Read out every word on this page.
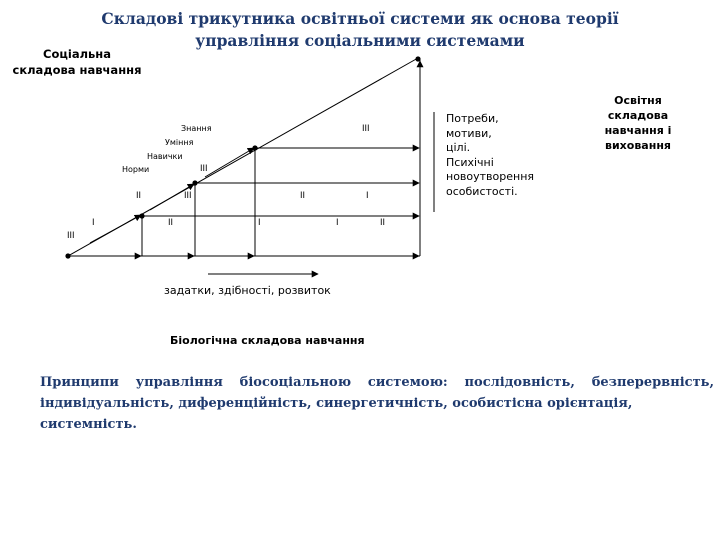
Складові трикутника освітньої системи як основа теорії
управління соціальними системами
Соціальна складова навчання
Освітня складова навчання і виховання
Знання
Уміння
Навички
Норми
III
III
II	III	II	I
I
III
II	I	I	II
Потреби,
мотиви,
цілі.
Психічні
новоутворення
особистості.
задатки, здібності, розвиток
Біологічна складова навчання
Принципи управління біосоціальною системою: послідовність, безперервність,
індивідуальність, диференційність, синергетичність, особистісна орієнтація, системність.
